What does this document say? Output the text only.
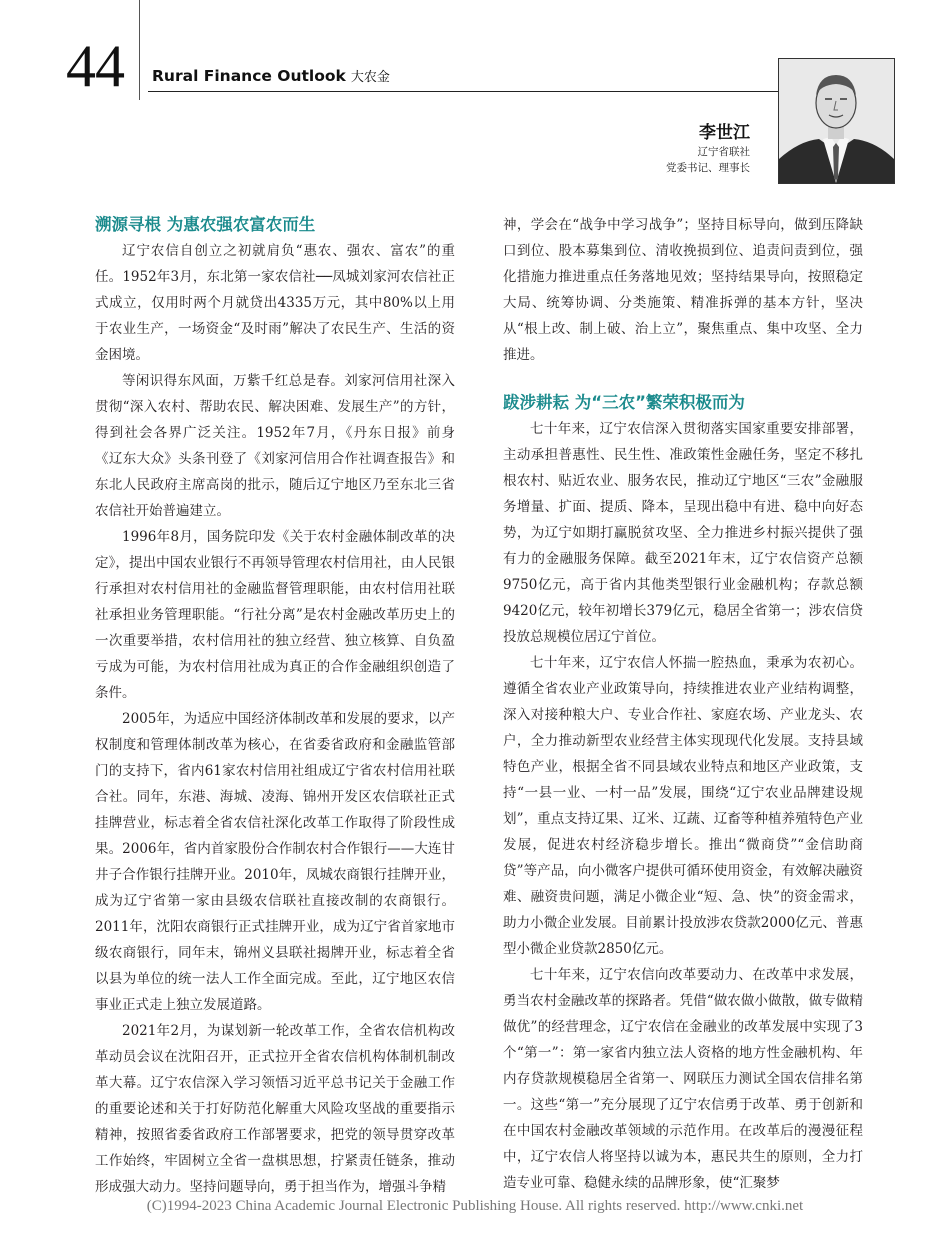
44 Rural Finance Outlook 大农金
李世江
辽宁省联社
党委书记、理事长
溯源寻根 为惠农强农富农而生

辽宁农信自创立之初就肩负“惠农、强农、富农”的重任。1952年3月，东北第一家农信社──凤城刘家河农信社正式成立，仅用时两个月就贷出4335万元，其中80%以上用于农业生产，一场资金“及时雨”解决了农民生产、生活的资金困境。

等闲识得东风面，万紫千红总是春。刘家河信用社深入贯彻“深入农村、帮助农民、解决困难、发展生产”的方针，得到社会各界广泛关注。1952年7月，《丹东日报》前身《辽东大众》头条刊登了《刘家河信用合作社调查报告》和东北人民政府主席高岗的批示，随后辽宁地区乃至东北三省农信社开始普遍建立。

1996年8月，国务院印发《关于农村金融体制改革的决定》，提出中国农业银行不再领导管理农村信用社，由人民银行承担对农村信用社的金融监督管理职能，由农村信用社联社承担业务管理职能。“行社分离”是农村金融改革历史上的一次重要举措，农村信用社的独立经营、独立核算、自负盈亏成为可能，为农村信用社成为真正的合作金融组织创造了条件。

2005年，为适应中国经济体制改革和发展的要求，以产权制度和管理体制改革为核心，在省委省政府和金融监管部门的支持下，省内61家农村信用社组成辽宁省农村信用社联合社。同年，东港、海城、凌海、锦州开发区农信联社正式挂牌营业，标志着全省农信社深化改革工作取得了阶段性成果。2006年，省内首家股份合作制农村合作银行——大连甘井子合作银行挂牌开业。2010年，凤城农商银行挂牌开业，成为辽宁省第一家由县级农信联社直接改制的农商银行。2011年，沈阳农商银行正式挂牌开业，成为辽宁省首家地市级农商银行，同年末，锦州义县联社揭牌开业，标志着全省以县为单位的统一法人工作全面完成。至此，辽宁地区农信事业正式走上独立发展道路。

2021年2月，为谋划新一轮改革工作，全省农信机构改革动员会议在沈阳召开，正式拉开全省农信机构体制机制改革大幕。辽宁农信深入学习领悟习近平总书记关于金融工作的重要论述和关于打好防范化解重大风险攻坚战的重要指示精神，按照省委省政府工作部署要求，把党的领导贯穿改革工作始终，牢固树立全省一盘棋思想，拧紧责任链条，推动形成强大动力。坚持问题导向，勇于担当作为，增强斗争精

神，学会在“战争中学习战争”；坚持目标导向，做到压降缺口到位、股本募集到位、清收挽损到位、追责问责到位，强化措施力推进重点任务落地见效；坚持结果导向，按照稳定大局、统筹协调、分类施策、精准拆弹的基本方针，坚决从“根上改、制上破、治上立”，聚焦重点、集中攻坚、全力推进。

跋涉耕耘 为“三农”繁荣积极而为

七十年来，辽宁农信深入贯彻落实国家重要安排部署，主动承担普惠性、民生性、准政策性金融任务，坚定不移扎根农村、贴近农业、服务农民，推动辽宁地区“三农”金融服务增量、扩面、提质、降本，呈现出稳中有进、稳中向好态势，为辽宁如期打赢脱贫攻坚、全力推进乡村振兴提供了强有力的金融服务保障。截至2021年末，辽宁农信资产总额9750亿元，高于省内其他类型银行业金融机构；存款总额9420亿元，较年初增长379亿元，稳居全省第一；涉农信贷投放总规模位居辽宁首位。

七十年来，辽宁农信人怀揣一腔热血，秉承为农初心。遵循全省农业产业政策导向，持续推进农业产业结构调整，深入对接种粮大户、专业合作社、家庭农场、产业龙头、农户，全力推动新型农业经营主体实现现代化发展。支持县域特色产业，根据全省不同县域农业特点和地区产业政策，支持“一县一业、一村一品”发展，围绕“辽宁农业品牌建设规划”，重点支持辽果、辽米、辽蔬、辽畜等种植养殖特色产业发展，促进农村经济稳步增长。推出“微商贷”“金信助商贷”等产品，向小微客户提供可循环使用资金，有效解决融资难、融资贵问题，满足小微企业“短、急、快”的资金需求，助力小微企业发展。目前累计投放涉农贷款2000亿元、普惠型小微企业贷款2850亿元。

七十年来，辽宁农信向改革要动力、在改革中求发展，勇当农村金融改革的探路者。凭借“做农做小做散，做专做精做优”的经营理念，辽宁农信在金融业的改革发展中实现了3个“第一”：第一家省内独立法人资格的地方性金融机构、年内存贷款规模稳居全省第一、网联压力测试全国农信排名第一。这些“第一”充分展现了辽宁农信勇于改革、勇于创新和在中国农村金融改革领域的示范作用。在改革后的漫漫征程中，辽宁农信人将坚持以诚为本，惠民共生的原则，全力打造专业可靠、稳健永续的品牌形象，使“汇聚梦

(C)1994-2023 China Academic Journal Electronic Publishing House. All rights reserved. http://www.cnki.net
